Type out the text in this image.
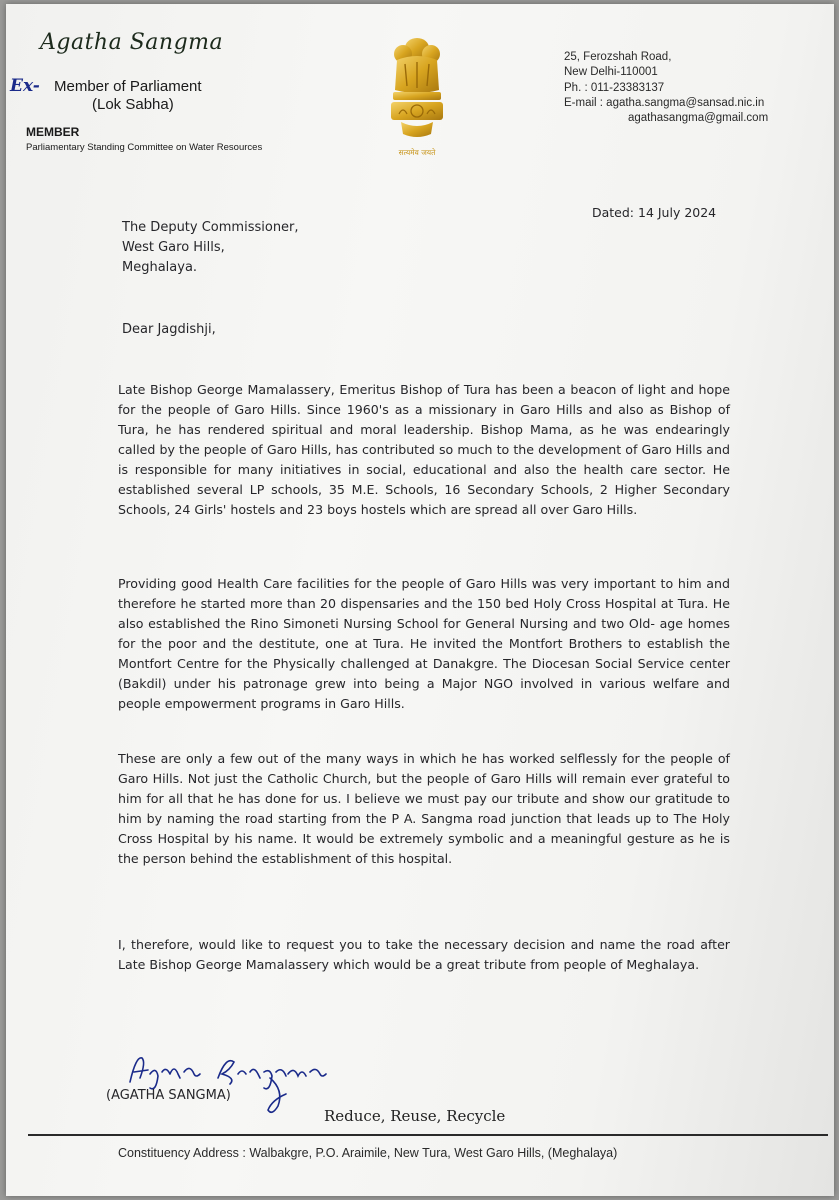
Agatha Sangma
Ex- Member of Parliament
(Lok Sabha)
MEMBER
Parliamentary Standing Committee on Water Resources	सत्यमेव जयते
25, Ferozshah Road,
New Delhi-110001
Ph. : 011-23383137
E-mail : agatha.sangma@sansad.nic.in
agathasangma@gmail.com
Dated: 14 July 2024
The Deputy Commissioner,
West Garo Hills,
Meghalaya.
Dear Jagdishji,
Late Bishop George Mamalassery, Emeritus Bishop of Tura has been a beacon of light and hope for the people of Garo Hills. Since 1960's as a missionary in Garo Hills and also as Bishop of Tura, he has rendered spiritual and moral leadership. Bishop Mama, as he was endearingly called by the people of Garo Hills, has contributed so much to the development of Garo Hills and is responsible for many initiatives in social, educational and also the health care sector. He established several LP schools, 35 M.E. Schools, 16 Secondary Schools, 2 Higher Secondary Schools, 24 Girls' hostels and 23 boys hostels which are spread all over Garo Hills.
Providing good Health Care facilities for the people of Garo Hills was very important to him and therefore he started more than 20 dispensaries and the 150 bed Holy Cross Hospital at Tura. He also established the Rino Simoneti Nursing School for General Nursing and two Old- age homes for the poor and the destitute, one at Tura. He invited the Montfort Brothers to establish the Montfort Centre for the Physically challenged at Danakgre. The Diocesan Social Service center (Bakdil) under his patronage grew into being a Major NGO involved in various welfare and people empowerment programs in Garo Hills.
These are only a few out of the many ways in which he has worked selflessly for the people of Garo Hills. Not just the Catholic Church, but the people of Garo Hills will remain ever grateful to him for all that he has done for us. I believe we must pay our tribute and show our gratitude to him by naming the road starting from the P A. Sangma road junction that leads up to The Holy Cross Hospital by his name. It would be extremely symbolic and a meaningful gesture as he is the person behind the establishment of this hospital.
I, therefore, would like to request you to take the necessary decision and name the road after Late Bishop George Mamalassery which would be a great tribute from people of Meghalaya.
Agatha Sangma
(AGATHA SANGMA)
Reduce, Reuse, Recycle
Constituency Address : Walbakgre, P.O. Araimile, New Tura, West Garo Hills, (Meghalaya)
